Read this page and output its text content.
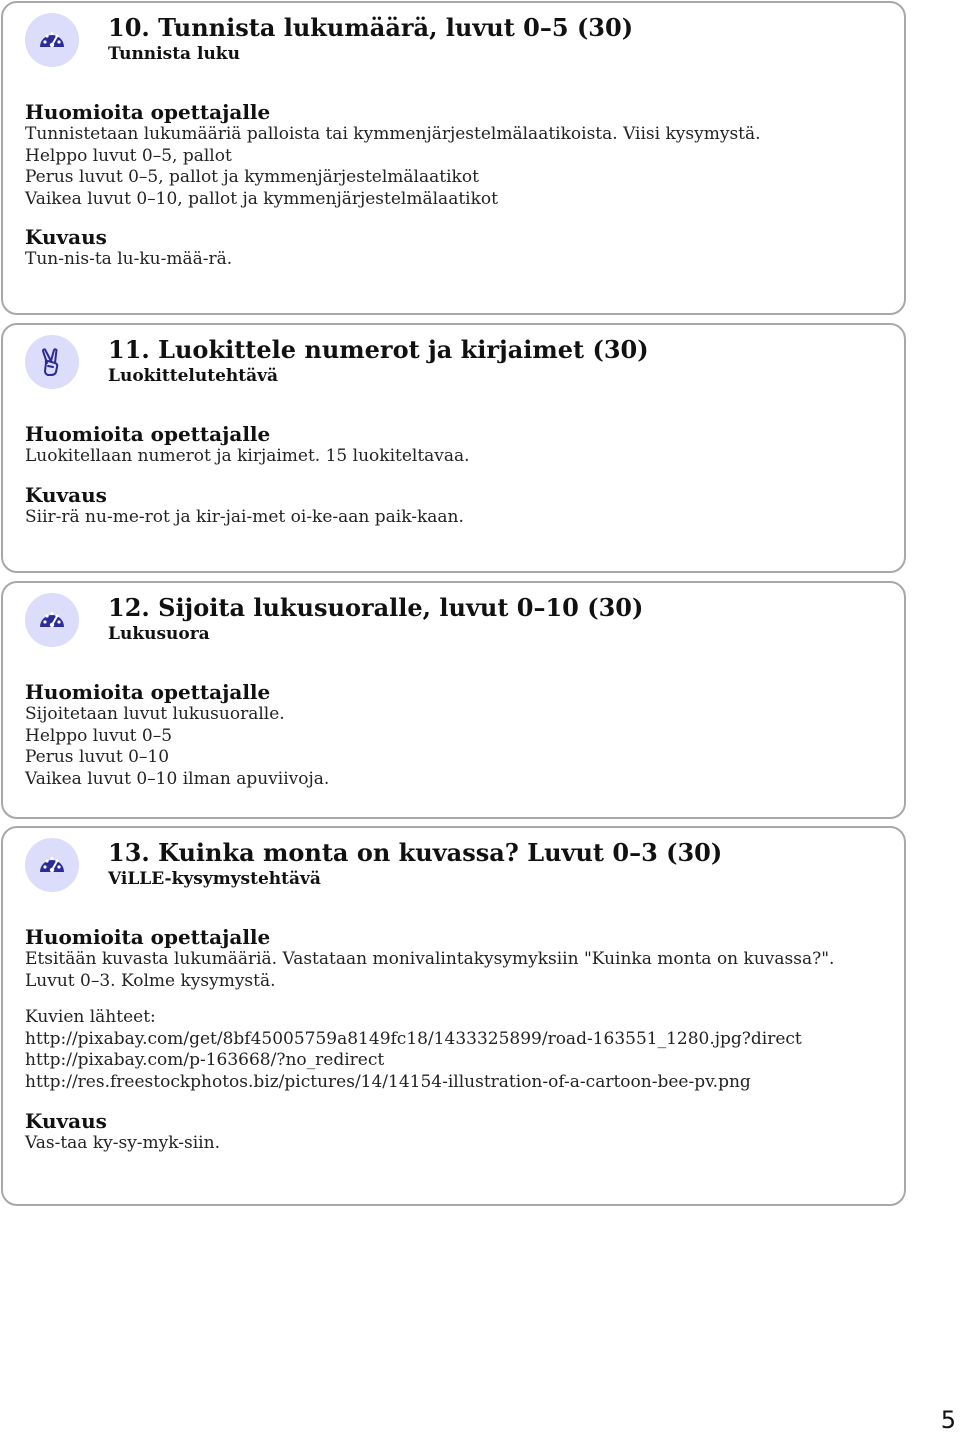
10. Tunnista lukumäärä, luvut 0–5 (30)
Tunnista luku
Huomioita opettajalle
Tunnistetaan lukumääriä palloista tai kymmenjärjestelmälaatikoista. Viisi kysymystä.
Helppo luvut 0–5, pallot
Perus luvut 0–5, pallot ja kymmenjärjestelmälaatikot
Vaikea luvut 0–10, pallot ja kymmenjärjestelmälaatikot
Kuvaus
Tun-nis-ta lu-ku-mää-rä.
11. Luokittele numerot ja kirjaimet (30)
Luokittelutehtävä
Huomioita opettajalle
Luokitellaan numerot ja kirjaimet. 15 luokiteltavaa.
Kuvaus
Siir-rä nu-me-rot ja kir-jai-met oi-ke-aan paik-kaan.
12. Sijoita lukusuoralle, luvut 0–10 (30)
Lukusuora
Huomioita opettajalle
Sijoitetaan luvut lukusuoralle.
Helppo luvut 0–5
Perus luvut 0–10
Vaikea luvut 0–10 ilman apuviivoja.
13. Kuinka monta on kuvassa? Luvut 0–3 (30)
ViLLE-kysymystehtävä
Huomioita opettajalle
Etsitään kuvasta lukumääriä. Vastataan monivalintakysymyksiin "Kuinka monta on kuvassa?".
Luvut 0–3. Kolme kysymystä.
Kuvien lähteet:
http://pixabay.com/get/8bf45005759a8149fc18/1433325899/road-163551_1280.jpg?direct
http://pixabay.com/p-163668/?no_redirect
http://res.freestockphotos.biz/pictures/14/14154-illustration-of-a-cartoon-bee-pv.png
Kuvaus
Vas-taa ky-sy-myk-siin.
5
